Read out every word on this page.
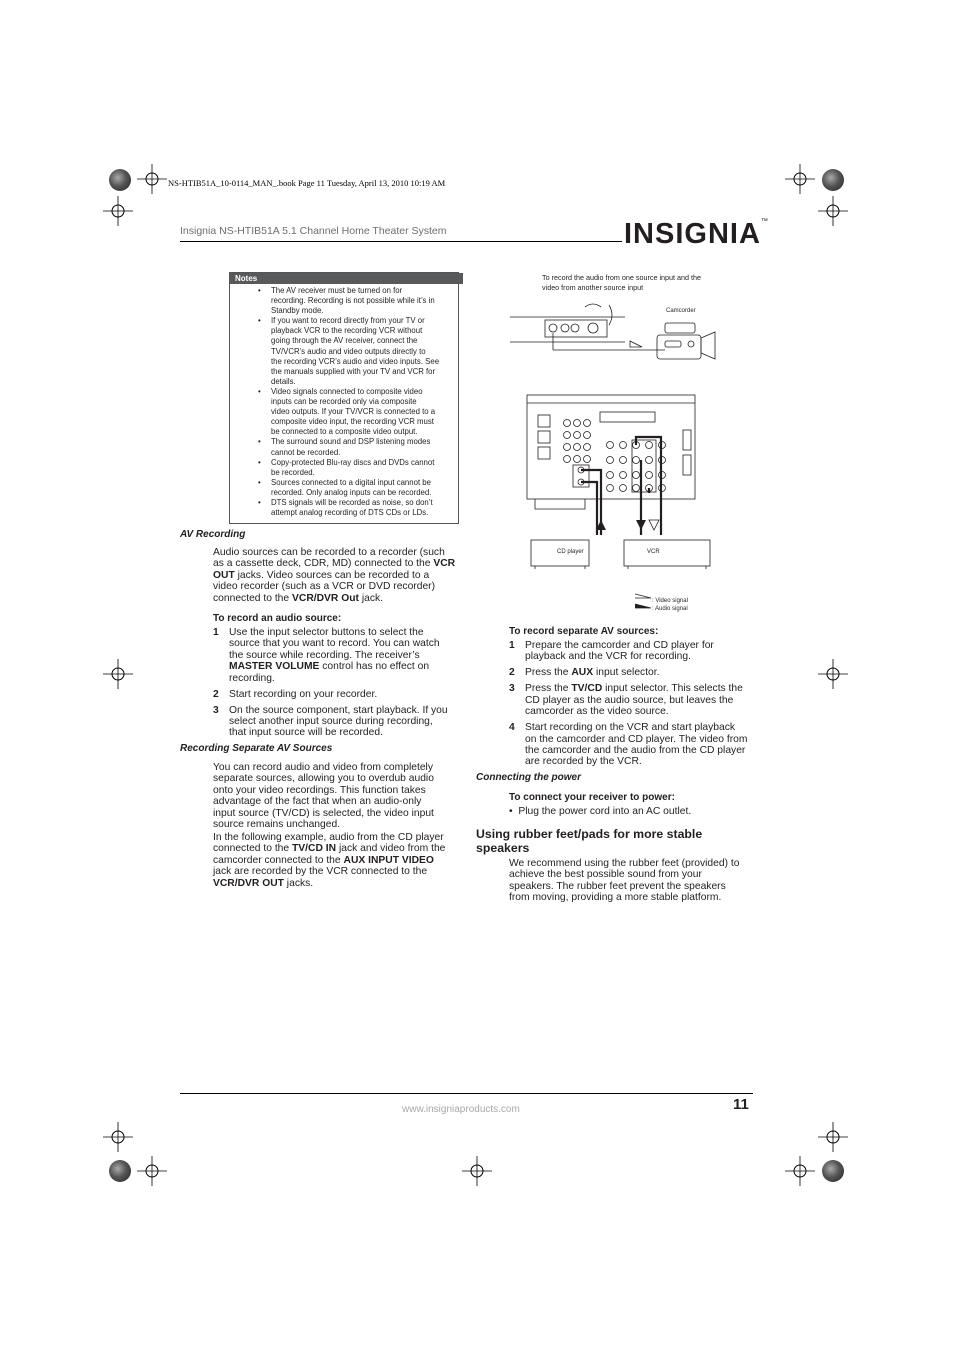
NS-HTIB51A_10-0114_MAN_.book Page 11 Tuesday, April 13, 2010 10:19 AM
Insignia NS-HTIB51A 5.1 Channel Home Theater System	INSIGNIA™
Notes
• The AV receiver must be turned on for
recording. Recording is not possible while it’s in
Standby mode.
• If you want to record directly from your TV or
playback VCR to the recording VCR without
going through the AV receiver, connect the
TV/VCR’s audio and video outputs directly to
the recording VCR’s audio and video inputs. See
the manuals supplied with your TV and VCR for
details.
• Video signals connected to composite video
inputs can be recorded only via composite
video outputs. If your TV/VCR is connected to a
composite video input, the recording VCR must
be connected to a composite video output.
• The surround sound and DSP listening modes
cannot be recorded.
• Copy-protected Blu-ray discs and DVDs cannot
be recorded.
• Sources connected to a digital input cannot be
recorded. Only analog inputs can be recorded.
• DTS signals will be recorded as noise, so don’t
attempt analog recording of DTS CDs or LDs.
AV Recording
Audio sources can be recorded to a recorder (such
as a cassette deck, CDR, MD) connected to the VCR
OUT jacks. Video sources can be recorded to a
video recorder (such as a VCR or DVD recorder)
connected to the VCR/DVR Out jack.
To record an audio source:
1 Use the input selector buttons to select the
source that you want to record. You can watch
the source while recording. The receiver’s
MASTER VOLUME control has no effect on
recording.
2 Start recording on your recorder.
3 On the source component, start playback. If you
select another input source during recording,
that input source will be recorded.
Recording Separate AV Sources
You can record audio and video from completely
separate sources, allowing you to overdub audio
onto your video recordings. This function takes
advantage of the fact that when an audio-only
input source (TV/CD) is selected, the video input
source remains unchanged.
In the following example, audio from the CD player
connected to the TV/CD IN jack and video from the
camcorder connected to the AUX INPUT VIDEO
jack are recorded by the VCR connected to the
VCR/DVR OUT jacks.
To record the audio from one source input and the
video from another source input
Camcorder
CD player	VCR
: Video signal
: Audio signal
To record separate AV sources:
1 Prepare the camcorder and CD player for
playback and the VCR for recording.
2 Press the AUX input selector.
3 Press the TV/CD input selector. This selects the
CD player as the audio source, but leaves the
camcorder as the video source.
4 Start recording on the VCR and start playback
on the camcorder and CD player. The video from
the camcorder and the audio from the CD player
are recorded by the VCR.
Connecting the power
To connect your receiver to power:
•  Plug the power cord into an AC outlet.
Using rubber feet/pads for more stable
speakers
We recommend using the rubber feet (provided) to
achieve the best possible sound from your
speakers. The rubber feet prevent the speakers
from moving, providing a more stable platform.
www.insigniaproducts.com	11
